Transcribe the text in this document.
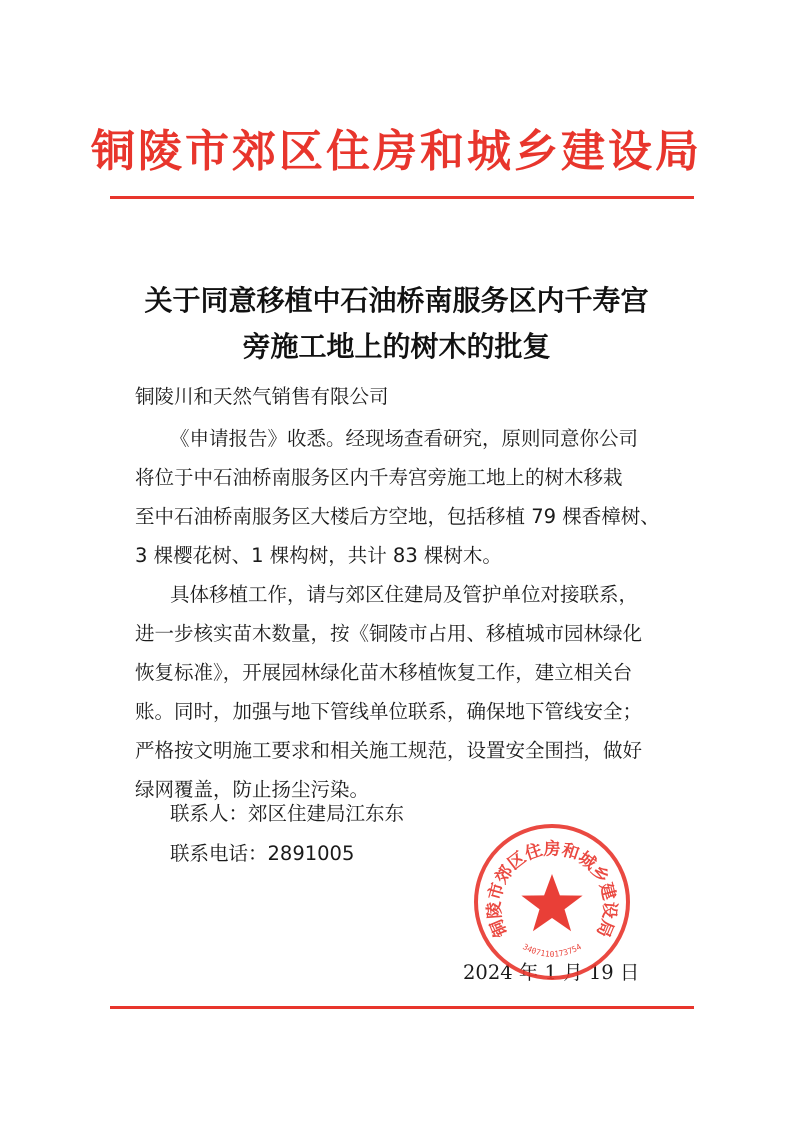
铜陵市郊区住房和城乡建设局
关于同意移植中石油桥南服务区内千寿宫
旁施工地上的树木的批复
铜陵川和天然气销售有限公司
《申请报告》收悉。经现场查看研究，原则同意你公司
将位于中石油桥南服务区内千寿宫旁施工地上的树木移栽
至中石油桥南服务区大楼后方空地，包括移植 79 棵香樟树、
3 棵樱花树、1 棵构树，共计 83 棵树木。
具体移植工作，请与郊区住建局及管护单位对接联系，
进一步核实苗木数量，按《铜陵市占用、移植城市园林绿化
恢复标准》，开展园林绿化苗木移植恢复工作，建立相关台
账。同时，加强与地下管线单位联系，确保地下管线安全；
严格按文明施工要求和相关施工规范，设置安全围挡，做好
绿网覆盖，防止扬尘污染。
联系人：郊区住建局江东东
联系电话：2891005
2024 年 1 月 19 日
铜陵市郊区住房和城乡建设局
3407110173754
